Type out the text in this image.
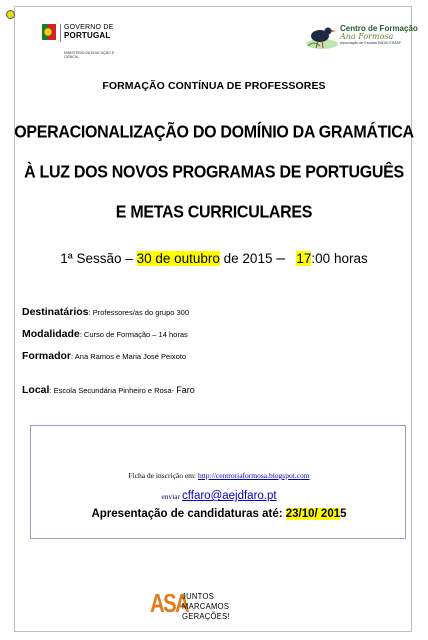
GOVERNO DE
PORTUGAL
MINISTÉRIO DA EDUCAÇÃO E CIÊNCIA
Centro de Formação
Ana Formosa
Associação de Escolas EdDS/ ESAAF
FORMAÇÃO CONTÍNUA DE PROFESSORES
OPERACIONALIZAÇÃO DO DOMÍNIO DA GRAMÁTICA
À LUZ DOS NOVOS PROGRAMAS DE PORTUGUÊS
E METAS CURRICULARES
1ª Sessão – 30 de outubro de 2015 – 17:00 horas
Destinatários: Professores/as do grupo 300
Modalidade: Curso de Formação – 14 horas
Formador: Ana Ramos e Maria José Peixoto
Local: Escola Secundária Pinheiro e Rosa- Faro
Ficha de inscrição em: http://centroriaformosa.blogspot.com
enviar cffaro@aejdfaro.pt
Apresentação de candidaturas até: 23/10/ 2015
ASA
JUNTOS
MARCAMOS GERAÇÕES!
